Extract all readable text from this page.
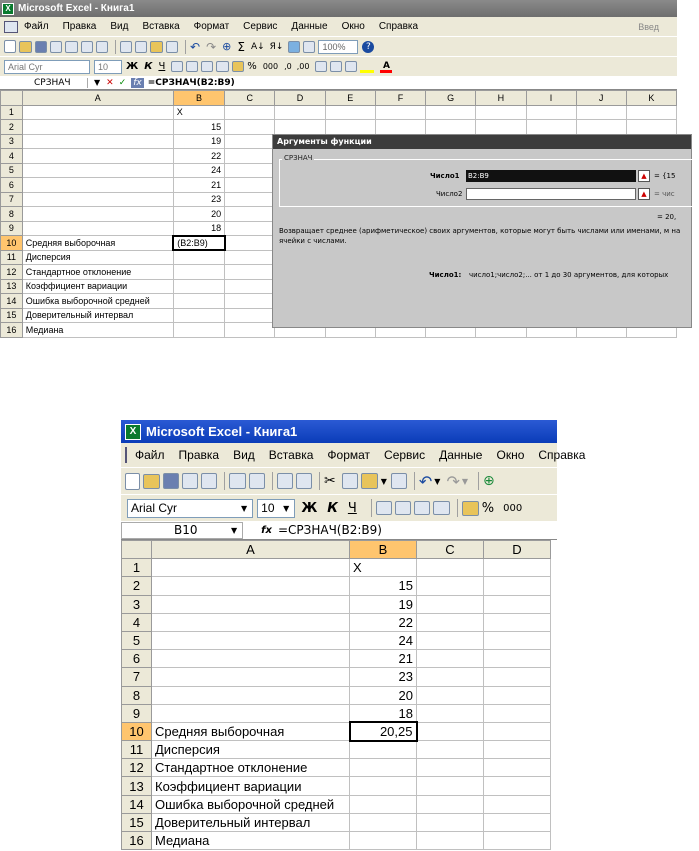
X Microsoft Excel - Книга1
Файл Правка Вид Вставка Формат Сервис Данные Окно Справка	Введ
↶ ↷ ⊕ Σ А↓ Я↓	100%	?
Arial Cyr	10	Ж К Ч	% 000 ,0 ,00	A
СРЗНАЧ	▼ ✕ ✓ fx =СРЗНАЧ(B2:B9)
	A	B	C	D	E	F	G	H	I	J	K
1		X									
2		15									
3		19									
4		22									
5		24									
6		21									
7		23									
8		20									
9		18									
10	Средняя выборочная	(B2:B9)									
11	Дисперсия										
12	Стандартное отклонение										
13	Коэффициент вариации										
14	Ошибка выборочной средней										
15	Доверительный интервал										
16	Медиана										
Аргументы функции
СРЗНАЧ
Число1 B2:B9	▲	= {15
Число2	▲	= чис
= 20,
Возвращает среднее (арифметическое) своих аргументов, которые могут быть числами или именами, м на ячейки с числами.
Число1: число1;число2;... от 1 до 30 аргументов, для которых
X Microsoft Excel - Книга1
Файл Правка Вид Вставка Формат Сервис Данные Окно Справка
✂	▼ ↶ ▼ ↷ ▼ ⊕
Arial Cyr	▼	10	▼ Ж К Ч	% 000
B10	▼ fx =СРЗНАЧ(B2:B9)
	A	B	C	D
1		X		
2		15		
3		19		
4		22		
5		24		
6		21		
7		23		
8		20		
9		18		
10	Средняя выборочная	20,25		
11	Дисперсия			
12	Стандартное отклонение			
13	Коэффициент вариации			
14	Ошибка выборочной средней			
15	Доверительный интервал			
16	Медиана			
